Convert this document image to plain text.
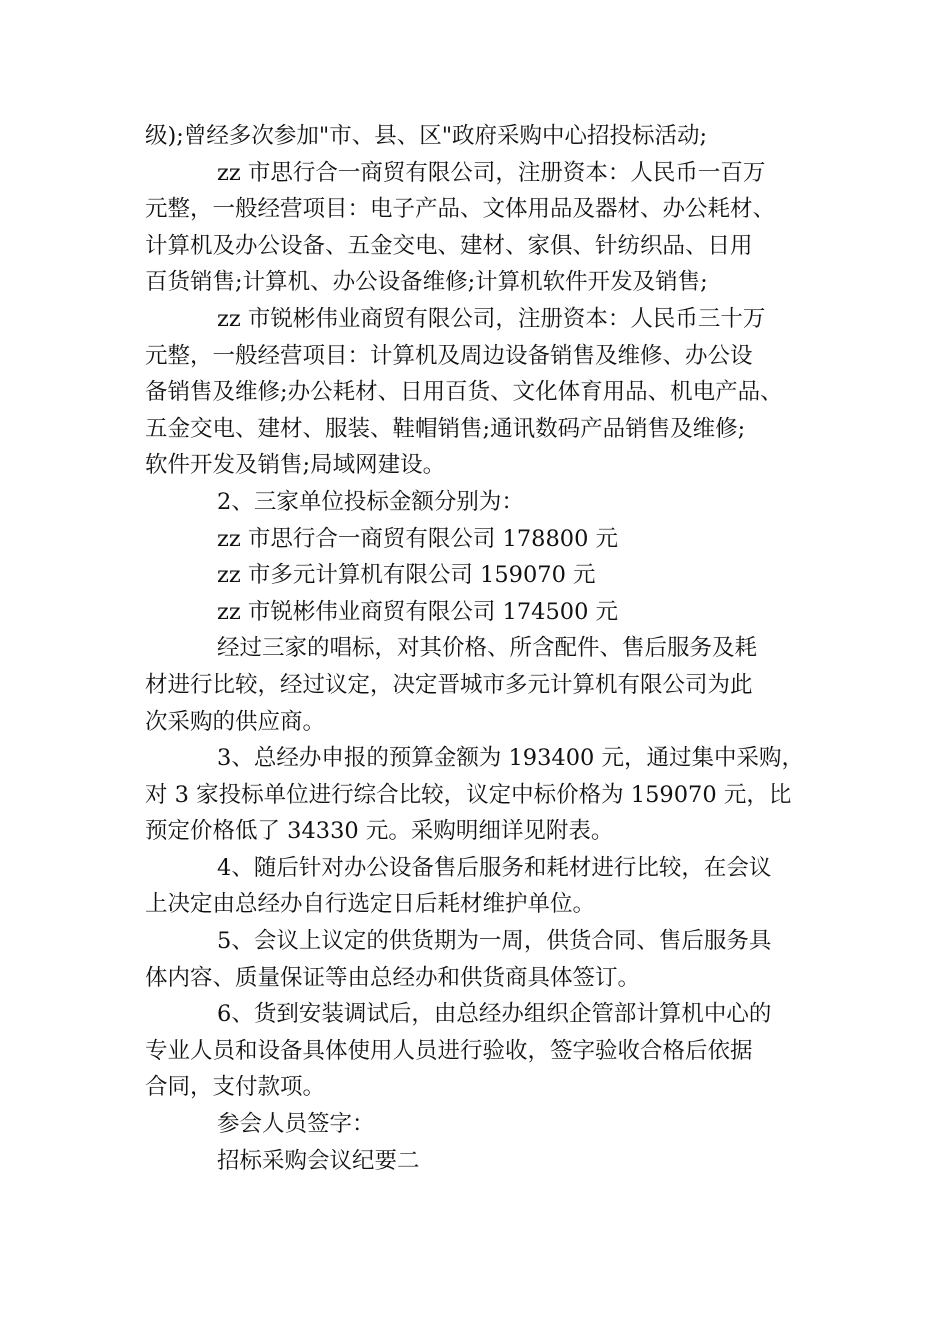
级);曾经多次参加"市、县、区"政府采购中心招投标活动;
zz 市思行合一商贸有限公司，注册资本：人民币一百万
元整，一般经营项目：电子产品、文体用品及器材、办公耗材、
计算机及办公设备、五金交电、建材、家俱、针纺织品、日用
百货销售;计算机、办公设备维修;计算机软件开发及销售;
zz 市锐彬伟业商贸有限公司，注册资本：人民币三十万
元整，一般经营项目：计算机及周边设备销售及维修、办公设
备销售及维修;办公耗材、日用百货、文化体育用品、机电产品、
五金交电、建材、服装、鞋帽销售;通讯数码产品销售及维修;
软件开发及销售;局域网建设。
2、三家单位投标金额分别为：
zz 市思行合一商贸有限公司 178800 元
zz 市多元计算机有限公司 159070 元
zz 市锐彬伟业商贸有限公司 174500 元
经过三家的唱标，对其价格、所含配件、售后服务及耗
材进行比较，经过议定，决定晋城市多元计算机有限公司为此
次采购的供应商。
3、总经办申报的预算金额为 193400 元，通过集中采购，
对 3 家投标单位进行综合比较，议定中标价格为 159070 元，比
预定价格低了 34330 元。采购明细详见附表。
4、随后针对办公设备售后服务和耗材进行比较，在会议
上决定由总经办自行选定日后耗材维护单位。
5、会议上议定的供货期为一周，供货合同、售后服务具
体内容、质量保证等由总经办和供货商具体签订。
6、货到安装调试后，由总经办组织企管部计算机中心的
专业人员和设备具体使用人员进行验收，签字验收合格后依据
合同，支付款项。
参会人员签字：
招标采购会议纪要二
